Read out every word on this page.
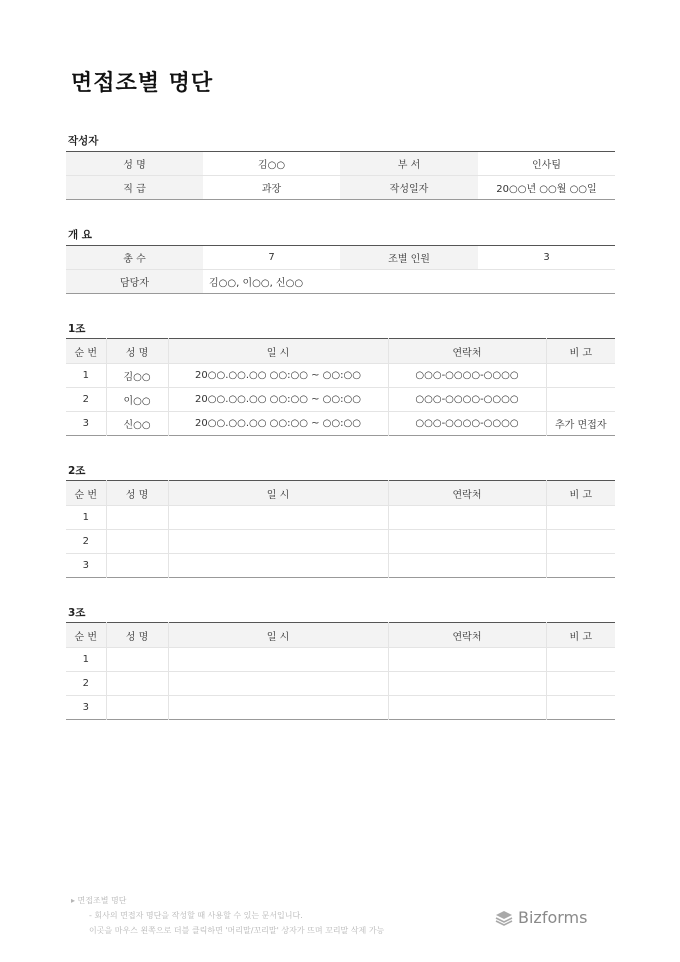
면접조별 명단
작성자
성 명	김○○	부 서	인사팀
직 급	과장	작성일자	20○○년 ○○월 ○○일
개 요
총 수	7	조별 인원	3
담당자	김○○, 이○○, 신○○		
1조
순 번	성 명	일 시	연락처	비 고
1	김○○	20○○.○○.○○ ○○:○○ ~ ○○:○○	○○○-○○○○-○○○○	
2	이○○	20○○.○○.○○ ○○:○○ ~ ○○:○○	○○○-○○○○-○○○○	
3	신○○	20○○.○○.○○ ○○:○○ ~ ○○:○○	○○○-○○○○-○○○○	추가 면접자
2조
순 번	성 명	일 시	연락처	비 고
1				
2				
3				
3조
순 번	성 명	일 시	연락처	비 고
1				
2				
3				
▸ 면접조별 명단
- 회사의 면접자 명단을 작성할 때 사용할 수 있는 문서입니다.
이곳을 마우스 왼쪽으로 더블 클릭하면 '머리말/꼬리말' 상자가 뜨며 꼬리말 삭제 가능
Bizforms
